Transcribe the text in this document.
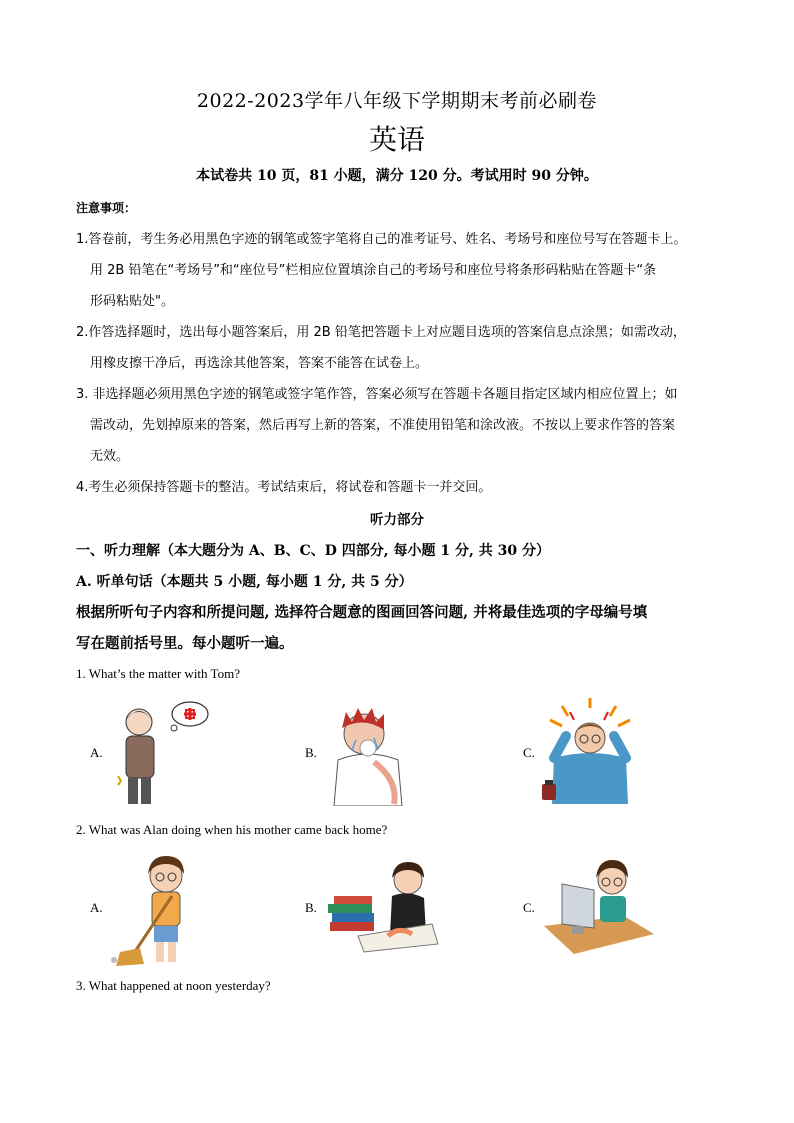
2022-2023学年八年级下学期期末考前必刷卷
英语
本试卷共 10 页，81 小题，满分 120 分。考试用时 90 分钟。
注意事项：
1.答卷前，考生务必用黑色字迹的钢笔或签字笔将自己的准考证号、姓名、考场号和座位号写在答题卡上。
用 2B 铅笔在“考场号”和“座位号”栏相应位置填涂自己的考场号和座位号将条形码粘贴在答题卡“条
形码粘贴处"。
2.作答选择题时，选出每小题答案后，用 2B 铅笔把答题卡上对应题目选项的答案信息点涂黑；如需改动，
用橡皮擦干净后，再选涂其他答案，答案不能答在试卷上。
3. 非选择题必须用黑色字迹的钢笔或签字笔作答，答案必须写在答题卡各题目指定区域内相应位置上；如
需改动，先划掉原来的答案，然后再写上新的答案，不准使用铅笔和涂改液。不按以上要求作答的答案
无效。
4.考生必须保持答题卡的整洁。考试结束后，将试卷和答题卡一并交回。
听力部分
一、听力理解（本大题分为 A、B、C、D 四部分, 每小题 1 分, 共 30 分）
A. 听单句话（本题共 5 小题, 每小题 1 分, 共 5 分）
根据所听句子内容和所提问题, 选择符合题意的图画回答问题, 并将最佳选项的字母编号填
写在题前括号里。每小题听一遍。
1. What’s the matter with Tom?
A.	B.	C.
2. What was Alan doing when his mother came back home?
A.	B.	C.
3. What happened at noon yesterday?
